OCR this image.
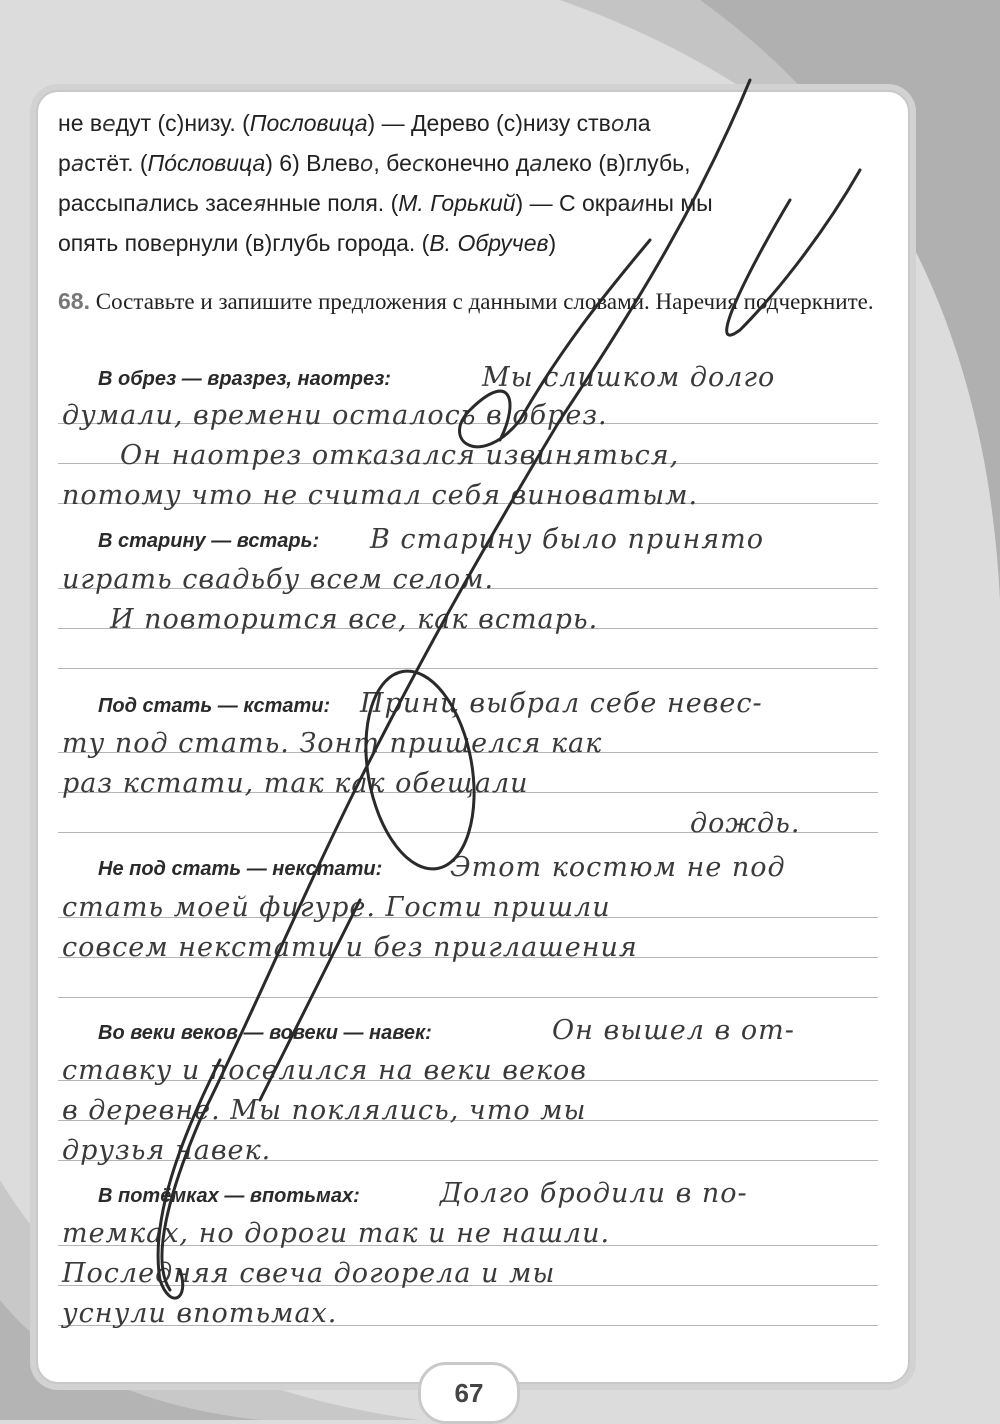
не ведут (с)низу. (Пословица) — Дерево (с)низу ствола
растёт. (По́словица) 6) Влево, бесконечно далеко (в)глубь,
рассыпались засеянные поля. (М. Горький) — С окраины мы
опять повернули (в)глубь города. (В. Обручев)
68. Составьте и запишите предложения с данными словами. Наречия подчеркните.
В обрез — вразрез, наотрез:
В старину — встарь:
Под стать — кстати:
Не под стать — некстати:
Во веки веков — вовеки — навек:
В потёмках — впотьмах:
Мы слишком долго
думали, времени осталось в обрез.
Он наотрез отказался извиняться,
потому что не считал себя виноватым.
В старину было принято
играть свадьбу всем селом.
И повторится все, как встарь.
Принц выбрал себе невес-
ту под стать. Зонт пришелся как
раз кстати, так как обещали
дождь.
Этот костюм не под
стать моей фигуре. Гости пришли
совсем некстати и без приглашения
Он вышел в от-
ставку и поселился на веки веков
в деревне. Мы поклялись, что мы
друзья навек.
Долго бродили в по-
темках, но дороги так и не нашли.
Последняя свеча догорела и мы
уснули впотьмах.
67
